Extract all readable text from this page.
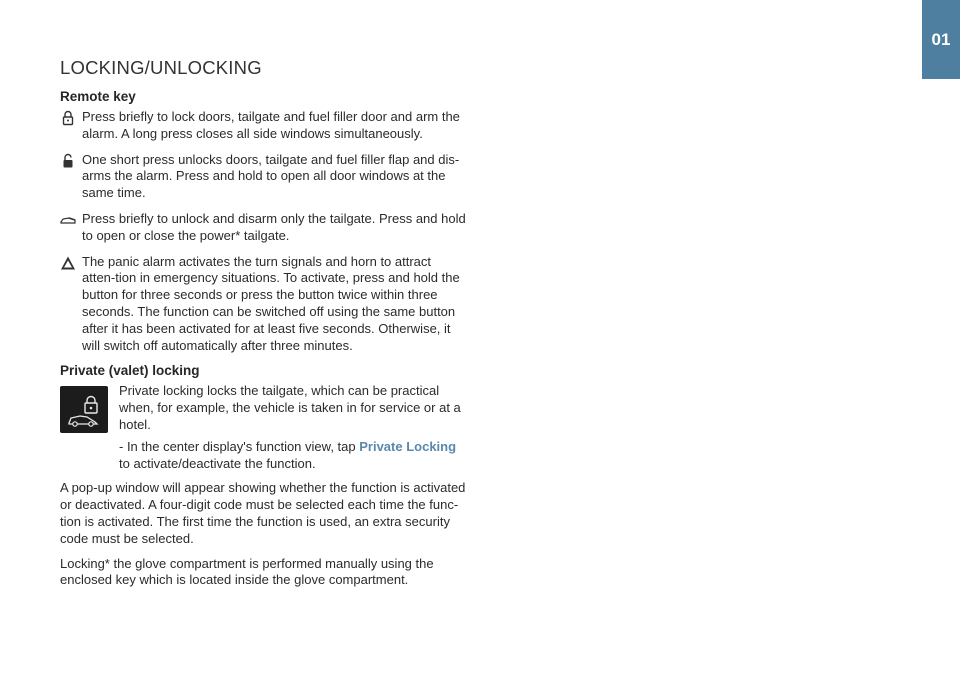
01
LOCKING/UNLOCKING
Remote key

Press briefly to lock doors, tailgate and fuel filler door and arm the alarm. A long press closes all side windows simultaneously.

One short press unlocks doors, tailgate and fuel filler flap and dis-arms the alarm. Press and hold to open all door windows at the same time.

Press briefly to unlock and disarm only the tailgate. Press and hold to open or close the power* tailgate.

The panic alarm activates the turn signals and horn to attract atten-tion in emergency situations. To activate, press and hold the button for three seconds or press the button twice within three seconds. The function can be switched off using the same button after it has been activated for at least five seconds. Otherwise, it will switch off automatically after three minutes.

Private (valet) locking

Private locking locks the tailgate, which can be practical when, for example, the vehicle is taken in for service or at a hotel.

- In the center display's function view, tap Private Locking to activate/deactivate the function.

A pop-up window will appear showing whether the function is activated or deactivated. A four-digit code must be selected each time the func-tion is activated. The first time the function is used, an extra security code must be selected.

Locking* the glove compartment is performed manually using the enclosed key which is located inside the glove compartment.
